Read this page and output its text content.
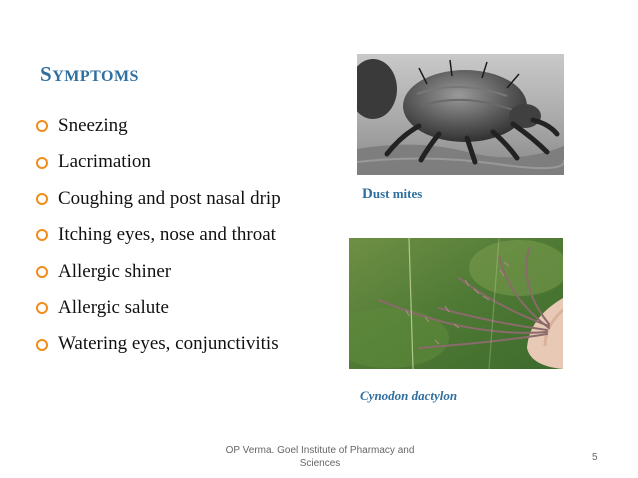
SYMPTOMS
Sneezing
Lacrimation
Coughing and post nasal drip
Itching eyes, nose and throat
Allergic shiner
Allergic salute
Watering eyes, conjunctivitis
Dust mites
Cynodon dactylon
OP Verma. Goel Institute of Pharmacy and Sciences
5
